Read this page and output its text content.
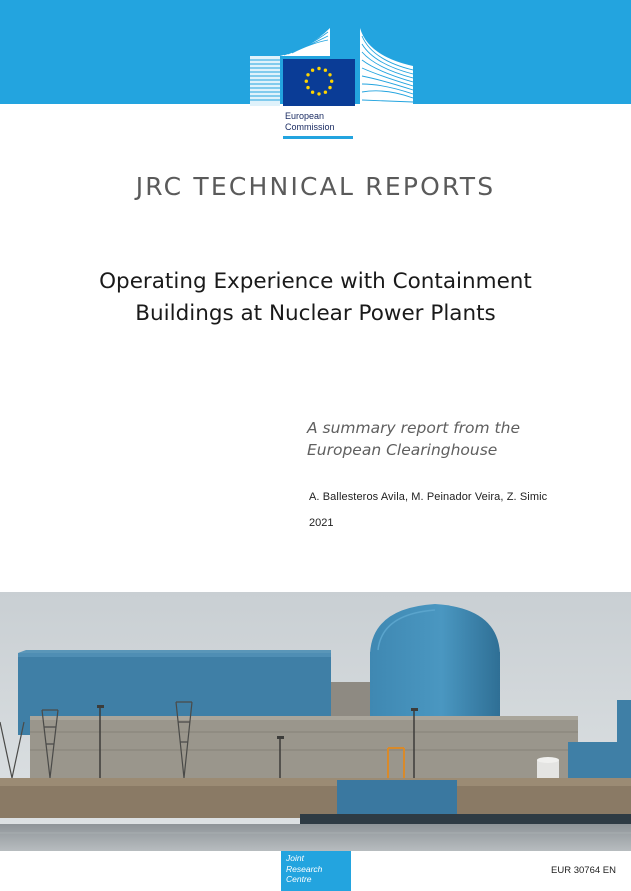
European
Commission
JRC TECHNICAL REPORTS
Operating Experience with Containment
Buildings at Nuclear Power Plants
A summary report from the
European Clearinghouse
A. Ballesteros Avila, M. Peinador Veira, Z. Simic
2021
Joint
Research
Centre
EUR 30764 EN
